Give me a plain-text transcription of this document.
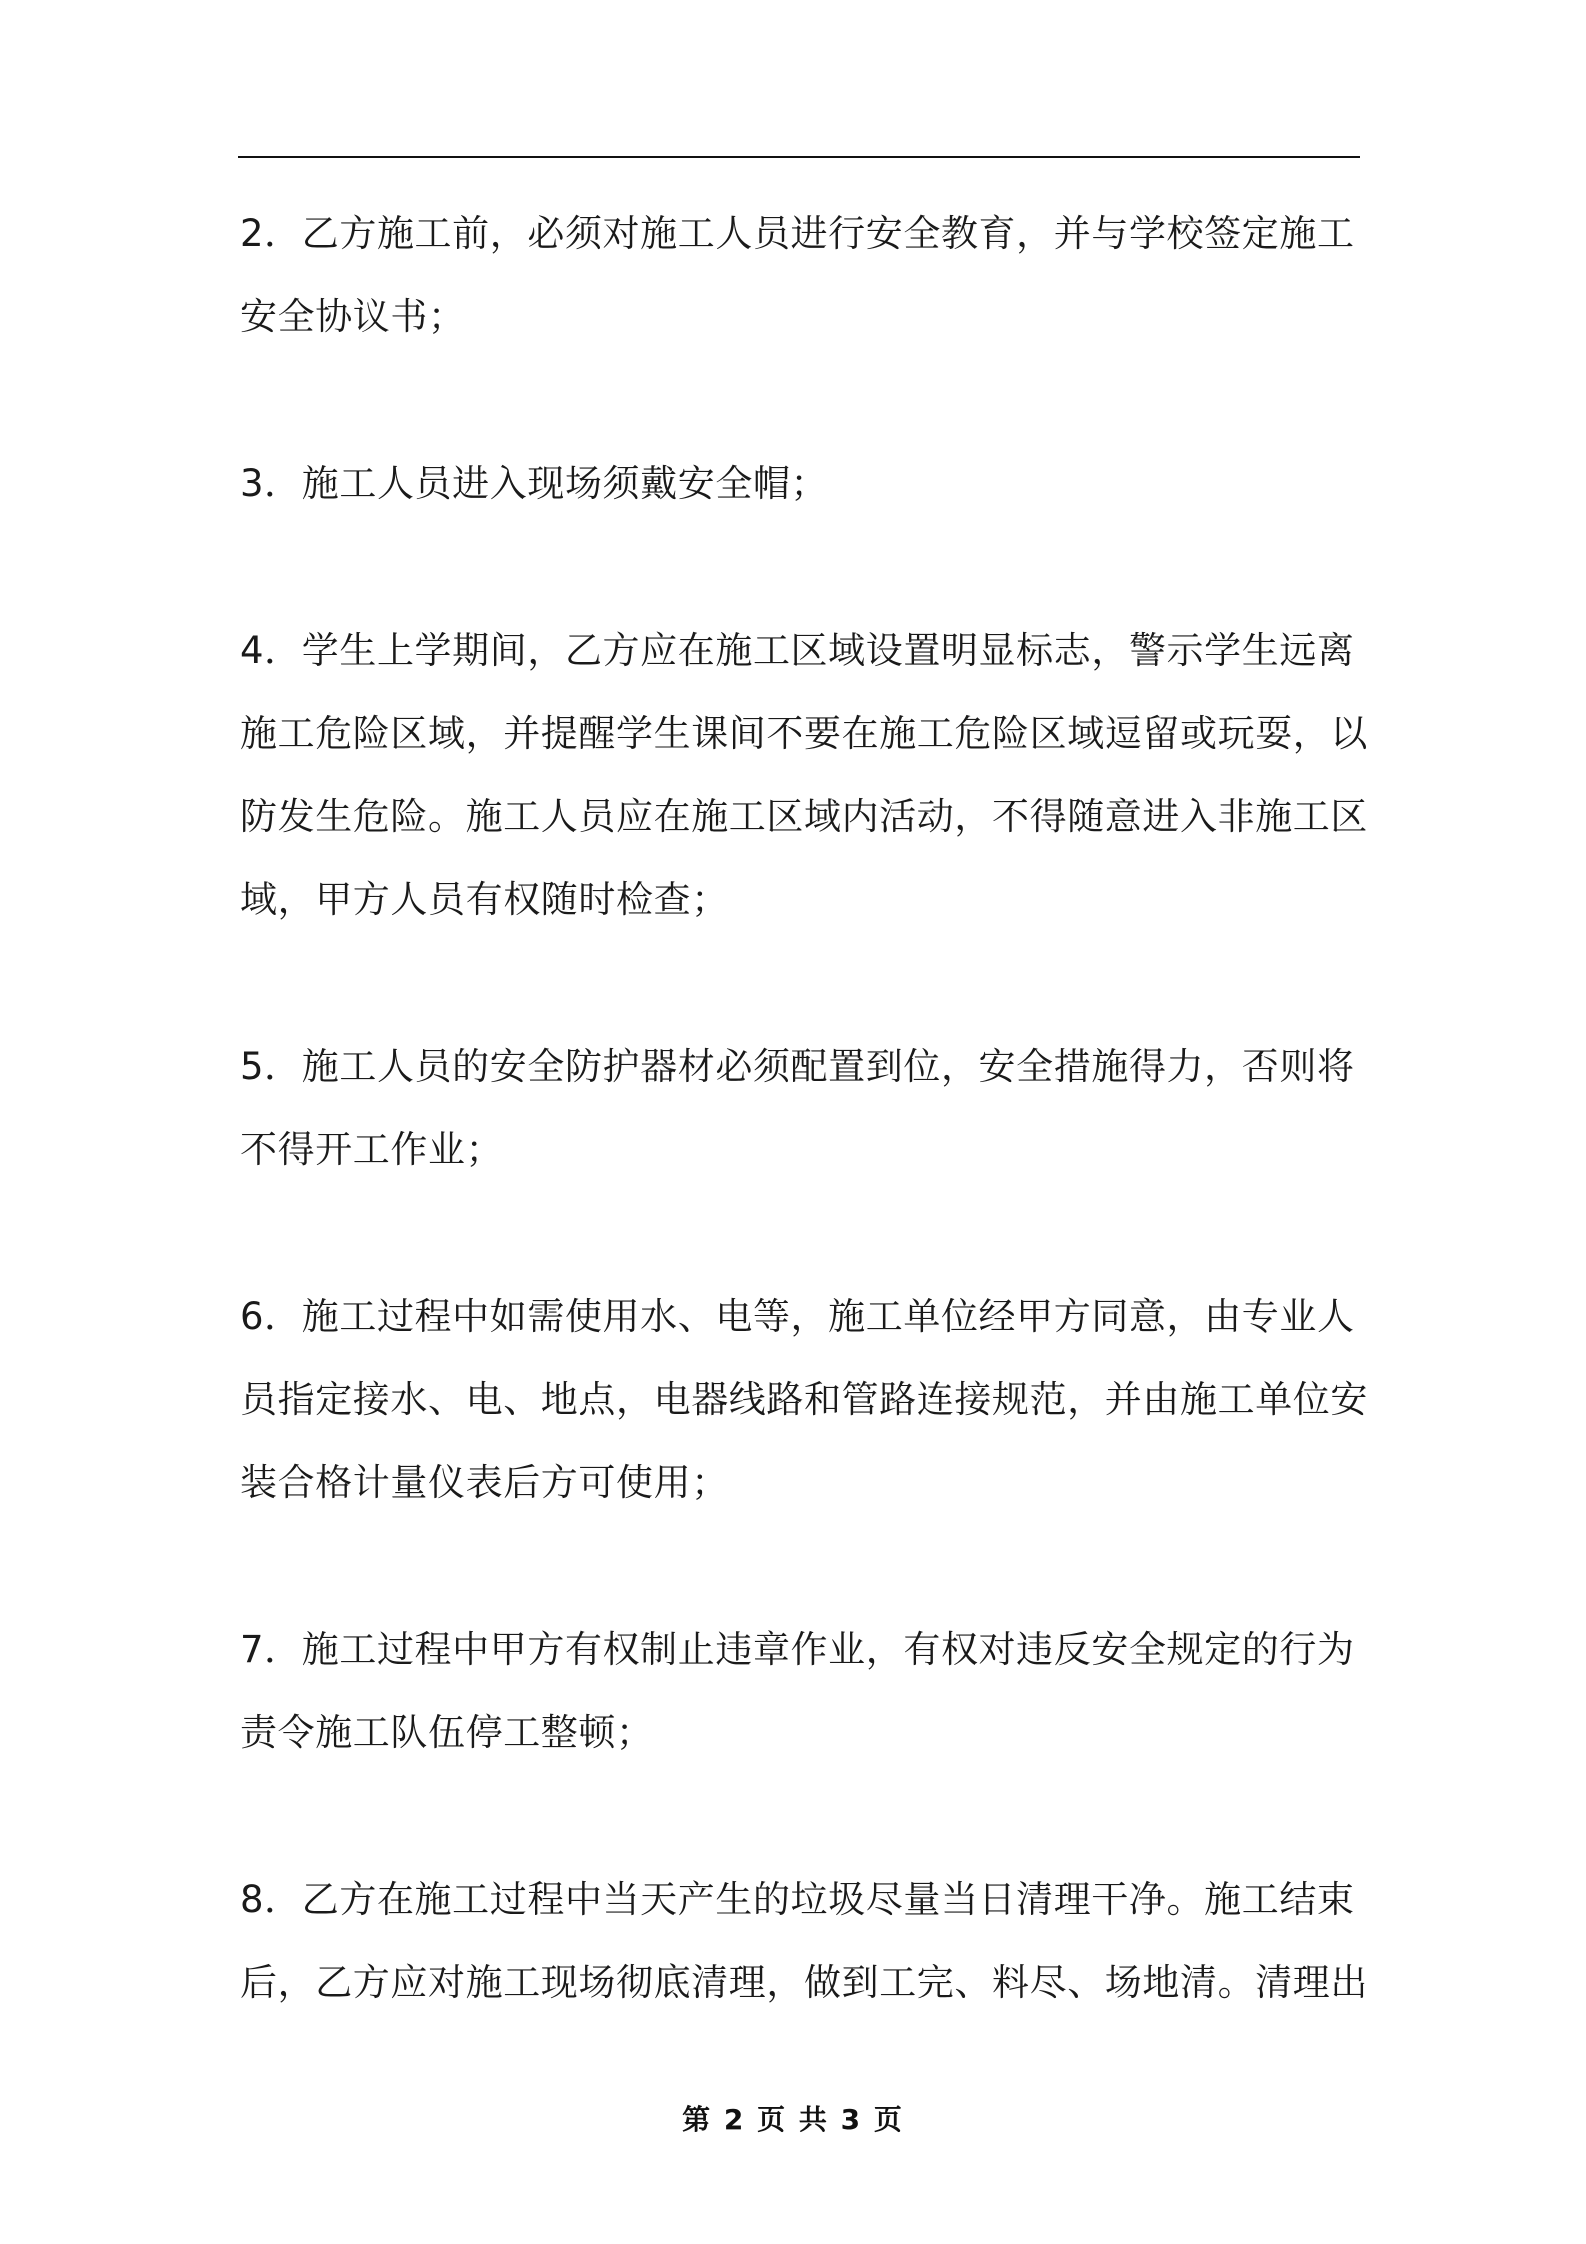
2．乙方施工前，必须对施工人员进行安全教育，并与学校签定施工
安全协议书；

3．施工人员进入现场须戴安全帽；

4．学生上学期间，乙方应在施工区域设置明显标志，警示学生远离
施工危险区域，并提醒学生课间不要在施工危险区域逗留或玩耍，以
防发生危险。施工人员应在施工区域内活动，不得随意进入非施工区
域，甲方人员有权随时检查；

5．施工人员的安全防护器材必须配置到位，安全措施得力，否则将
不得开工作业；

6．施工过程中如需使用水、电等，施工单位经甲方同意，由专业人
员指定接水、电、地点，电器线路和管路连接规范，并由施工单位安
装合格计量仪表后方可使用；

7．施工过程中甲方有权制止违章作业，有权对违反安全规定的行为
责令施工队伍停工整顿；

8．乙方在施工过程中当天产生的垃圾尽量当日清理干净。施工结束
后，乙方应对施工现场彻底清理，做到工完、料尽、场地清。清理出

第 2 页 共 3 页
